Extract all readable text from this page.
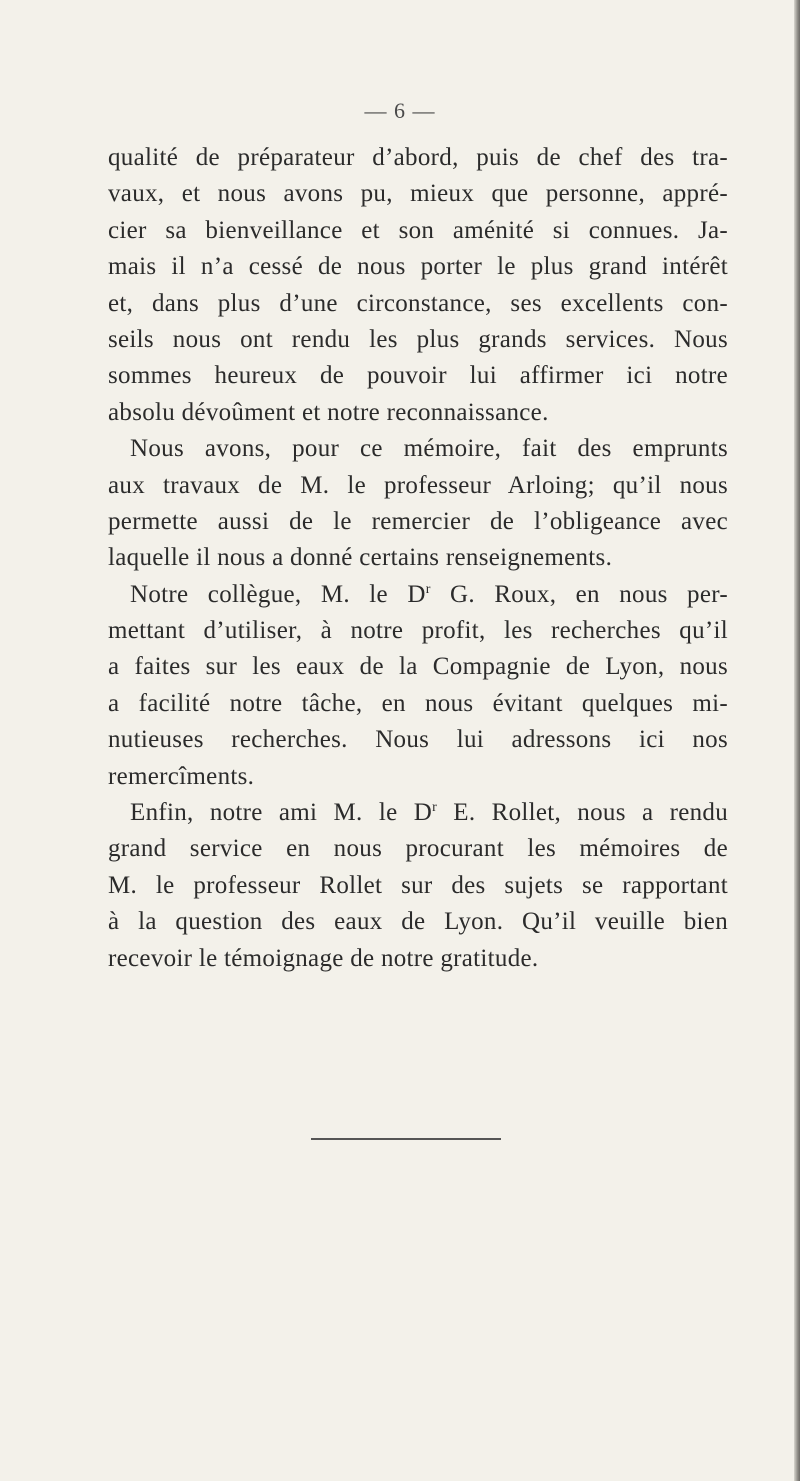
— 6 —
qualité de préparateur d’abord, puis de chef des tra-
vaux, et nous avons pu, mieux que personne, appré-
cier sa bienveillance et son aménité si connues. Ja-
mais il n’a cessé de nous porter le plus grand intérêt
et, dans plus d’une circonstance, ses excellents con-
seils nous ont rendu les plus grands services. Nous
sommes heureux de pouvoir lui affirmer ici notre
absolu dévoûment et notre reconnaissance.
Nous avons, pour ce mémoire, fait des emprunts
aux travaux de M. le professeur Arloing; qu’il nous
permette aussi de le remercier de l’obligeance avec
laquelle il nous a donné certains renseignements.
Notre collègue, M. le $D^r$ G. Roux, en nous per-
mettant d’utiliser, à notre profit, les recherches qu’il
a faites sur les eaux de la Compagnie de Lyon, nous
a facilité notre tâche, en nous évitant quelques mi-
nutieuses recherches. Nous lui adressons ici nos
remercîments.
Enfin, notre ami M. le $D^r$ E. Rollet, nous a rendu
grand service en nous procurant les mémoires de
M. le professeur Rollet sur des sujets se rapportant
à la question des eaux de Lyon. Qu’il veuille bien
recevoir le témoignage de notre gratitude.
